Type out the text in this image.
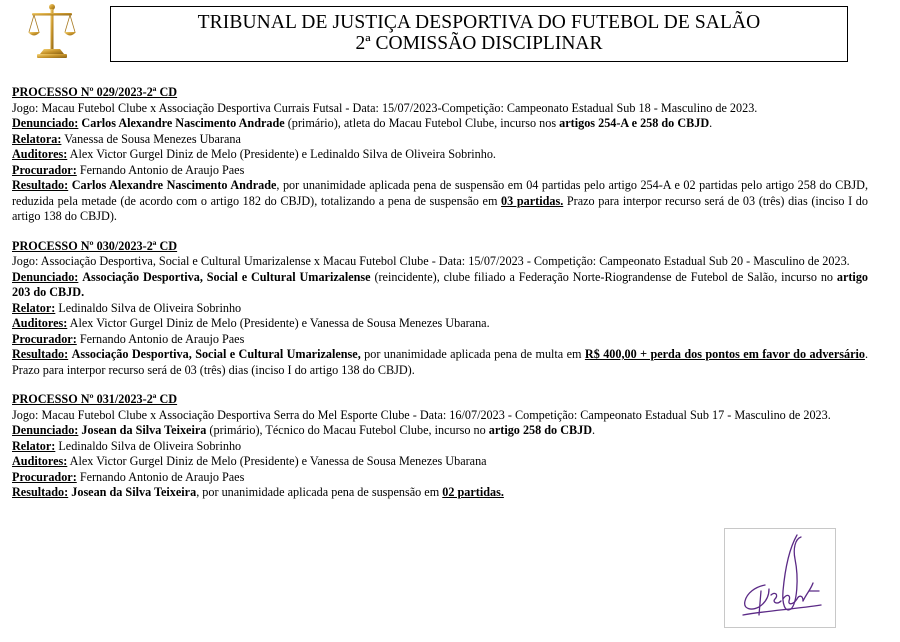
TRIBUNAL DE JUSTIÇA DESPORTIVA DO FUTEBOL DE SALÃO
2ª COMISSÃO DISCIPLINAR
PROCESSO Nº 029/2023-2ª CD
Jogo: Macau Futebol Clube x Associação Desportiva Currais Futsal - Data: 15/07/2023-Competição: Campeonato Estadual Sub 18 - Masculino de 2023.
Denunciado: Carlos Alexandre Nascimento Andrade (primário), atleta do Macau Futebol Clube, incurso nos artigos 254-A e 258 do CBJD.
Relatora: Vanessa de Sousa Menezes Ubarana
Auditores: Alex Victor Gurgel Diniz de Melo (Presidente) e Ledinaldo Silva de Oliveira Sobrinho.
Procurador: Fernando Antonio de Araujo Paes
Resultado: Carlos Alexandre Nascimento Andrade, por unanimidade aplicada pena de suspensão em 04 partidas pelo artigo 254-A e 02 partidas pelo artigo 258 do CBJD, reduzida pela metade (de acordo com o artigo 182 do CBJD), totalizando a pena de suspensão em 03 partidas. Prazo para interpor recurso será de 03 (três) dias (inciso I do artigo 138 do CBJD).
PROCESSO Nº 030/2023-2ª CD
Jogo: Associação Desportiva, Social e Cultural Umarizalense x Macau Futebol Clube - Data: 15/07/2023 - Competição: Campeonato Estadual Sub 20 - Masculino de 2023.
Denunciado: Associação Desportiva, Social e Cultural Umarizalense (reincidente), clube filiado a Federação Norte-Riograndense de Futebol de Salão, incurso no artigo 203 do CBJD.
Relator: Ledinaldo Silva de Oliveira Sobrinho
Auditores: Alex Victor Gurgel Diniz de Melo (Presidente) e Vanessa de Sousa Menezes Ubarana.
Procurador: Fernando Antonio de Araujo Paes
Resultado: Associação Desportiva, Social e Cultural Umarizalense, por unanimidade aplicada pena de multa em R$ 400,00 + perda dos pontos em favor do adversário. Prazo para interpor recurso será de 03 (três) dias (inciso I do artigo 138 do CBJD).
PROCESSO Nº 031/2023-2ª CD
Jogo: Macau Futebol Clube x Associação Desportiva Serra do Mel Esporte Clube - Data: 16/07/2023 - Competição: Campeonato Estadual Sub 17 - Masculino de 2023.
Denunciado: Josean da Silva Teixeira (primário), Técnico do Macau Futebol Clube, incurso no artigo 258 do CBJD.
Relator: Ledinaldo Silva de Oliveira Sobrinho
Auditores: Alex Victor Gurgel Diniz de Melo (Presidente) e Vanessa de Sousa Menezes Ubarana
Procurador: Fernando Antonio de Araujo Paes
Resultado: Josean da Silva Teixeira, por unanimidade aplicada pena de suspensão em 02 partidas.
